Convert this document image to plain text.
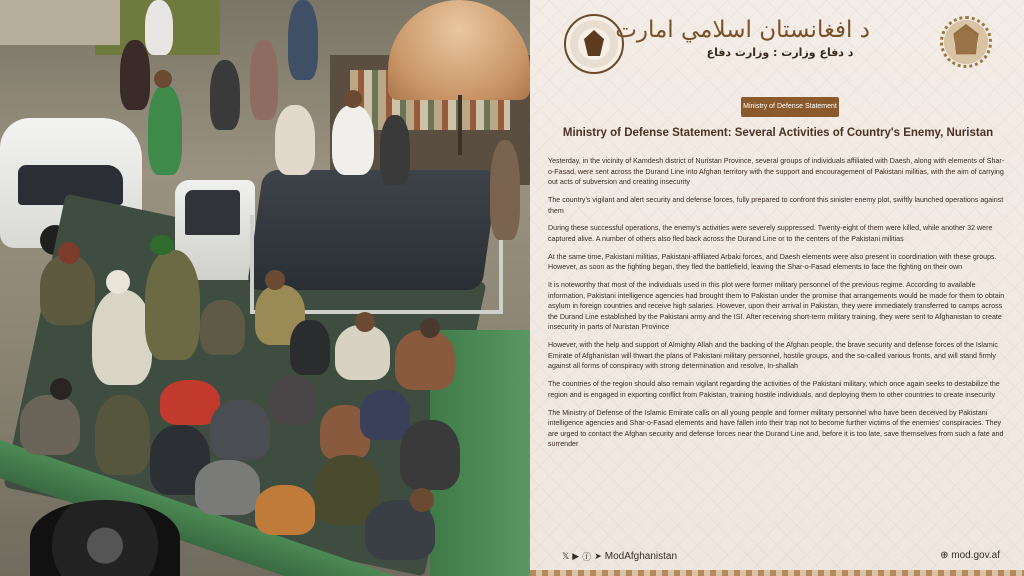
د افغانستان اسلامي امارت
د دفاع وزارت : وزارت دفاع
Ministry of Defense Statement
Ministry of Defense Statement: Several Activities of Country's Enemy, Nuristan

Yesterday, in the vicinity of Kamdesh district of Nuristan Province, several groups of individuals affiliated with Daesh, along with elements of Shar-o-Fasad, were sent across the Durand Line into Afghan territory with the support and encouragement of Pakistani militias, with the aim of carrying out acts of subversion and creating insecurity

The country's vigilant and alert security and defense forces, fully prepared to confront this sinister enemy plot, swiftly launched operations against them

During these successful operations, the enemy's activities were severely suppressed. Twenty-eight of them were killed, while another 32 were captured alive. A number of others also fled back across the Durand Line or to the centers of the Pakistani militias

At the same time, Pakistani militias, Pakistani-affiliated Arbaki forces, and Daesh elements were also present in coordination with these groups. However, as soon as the fighting began, they fled the battlefield, leaving the Shar-o-Fasad elements to face the fighting on their own

It is noteworthy that most of the individuals used in this plot were former military personnel of the previous regime. According to available information, Pakistani intelligence agencies had brought them to Pakistan under the promise that arrangements would be made for them to obtain asylum in foreign countries and receive high salaries. However, upon their arrival in Pakistan, they were immediately transferred to camps across the Durand Line established by the Pakistani army and the ISI. After receiving short-term military training, they were sent to Afghanistan to create insecurity in parts of Nuristan Province

However, with the help and support of Almighty Allah and the backing of the Afghan people, the brave security and defense forces of the Islamic Emirate of Afghanistan will thwart the plans of Pakistani military personnel, hostile groups, and the so-called various fronts, and will stand firmly against all forms of conspiracy with strong determination and resolve, In-shallah

The countries of the region should also remain vigilant regarding the activities of the Pakistani military, which once again seeks to destabilize the region and is engaged in exporting conflict from Pakistan, training hostile individuals, and deploying them to other countries to create insecurity

The Ministry of Defense of the Islamic Emirate calls on all young people and former military personnel who have been deceived by Pakistani intelligence agencies and Shar-o-Fasad elements and have fallen into their trap not to become further victims of the enemies' conspiracies. They are urged to contact the Afghan security and defense forces near the Durand Line and, before it is too late, save themselves from such a fate and surrender

𝕏 ▶ ⓕ ➤ ModAfghanistan	⊕ mod.gov.af
